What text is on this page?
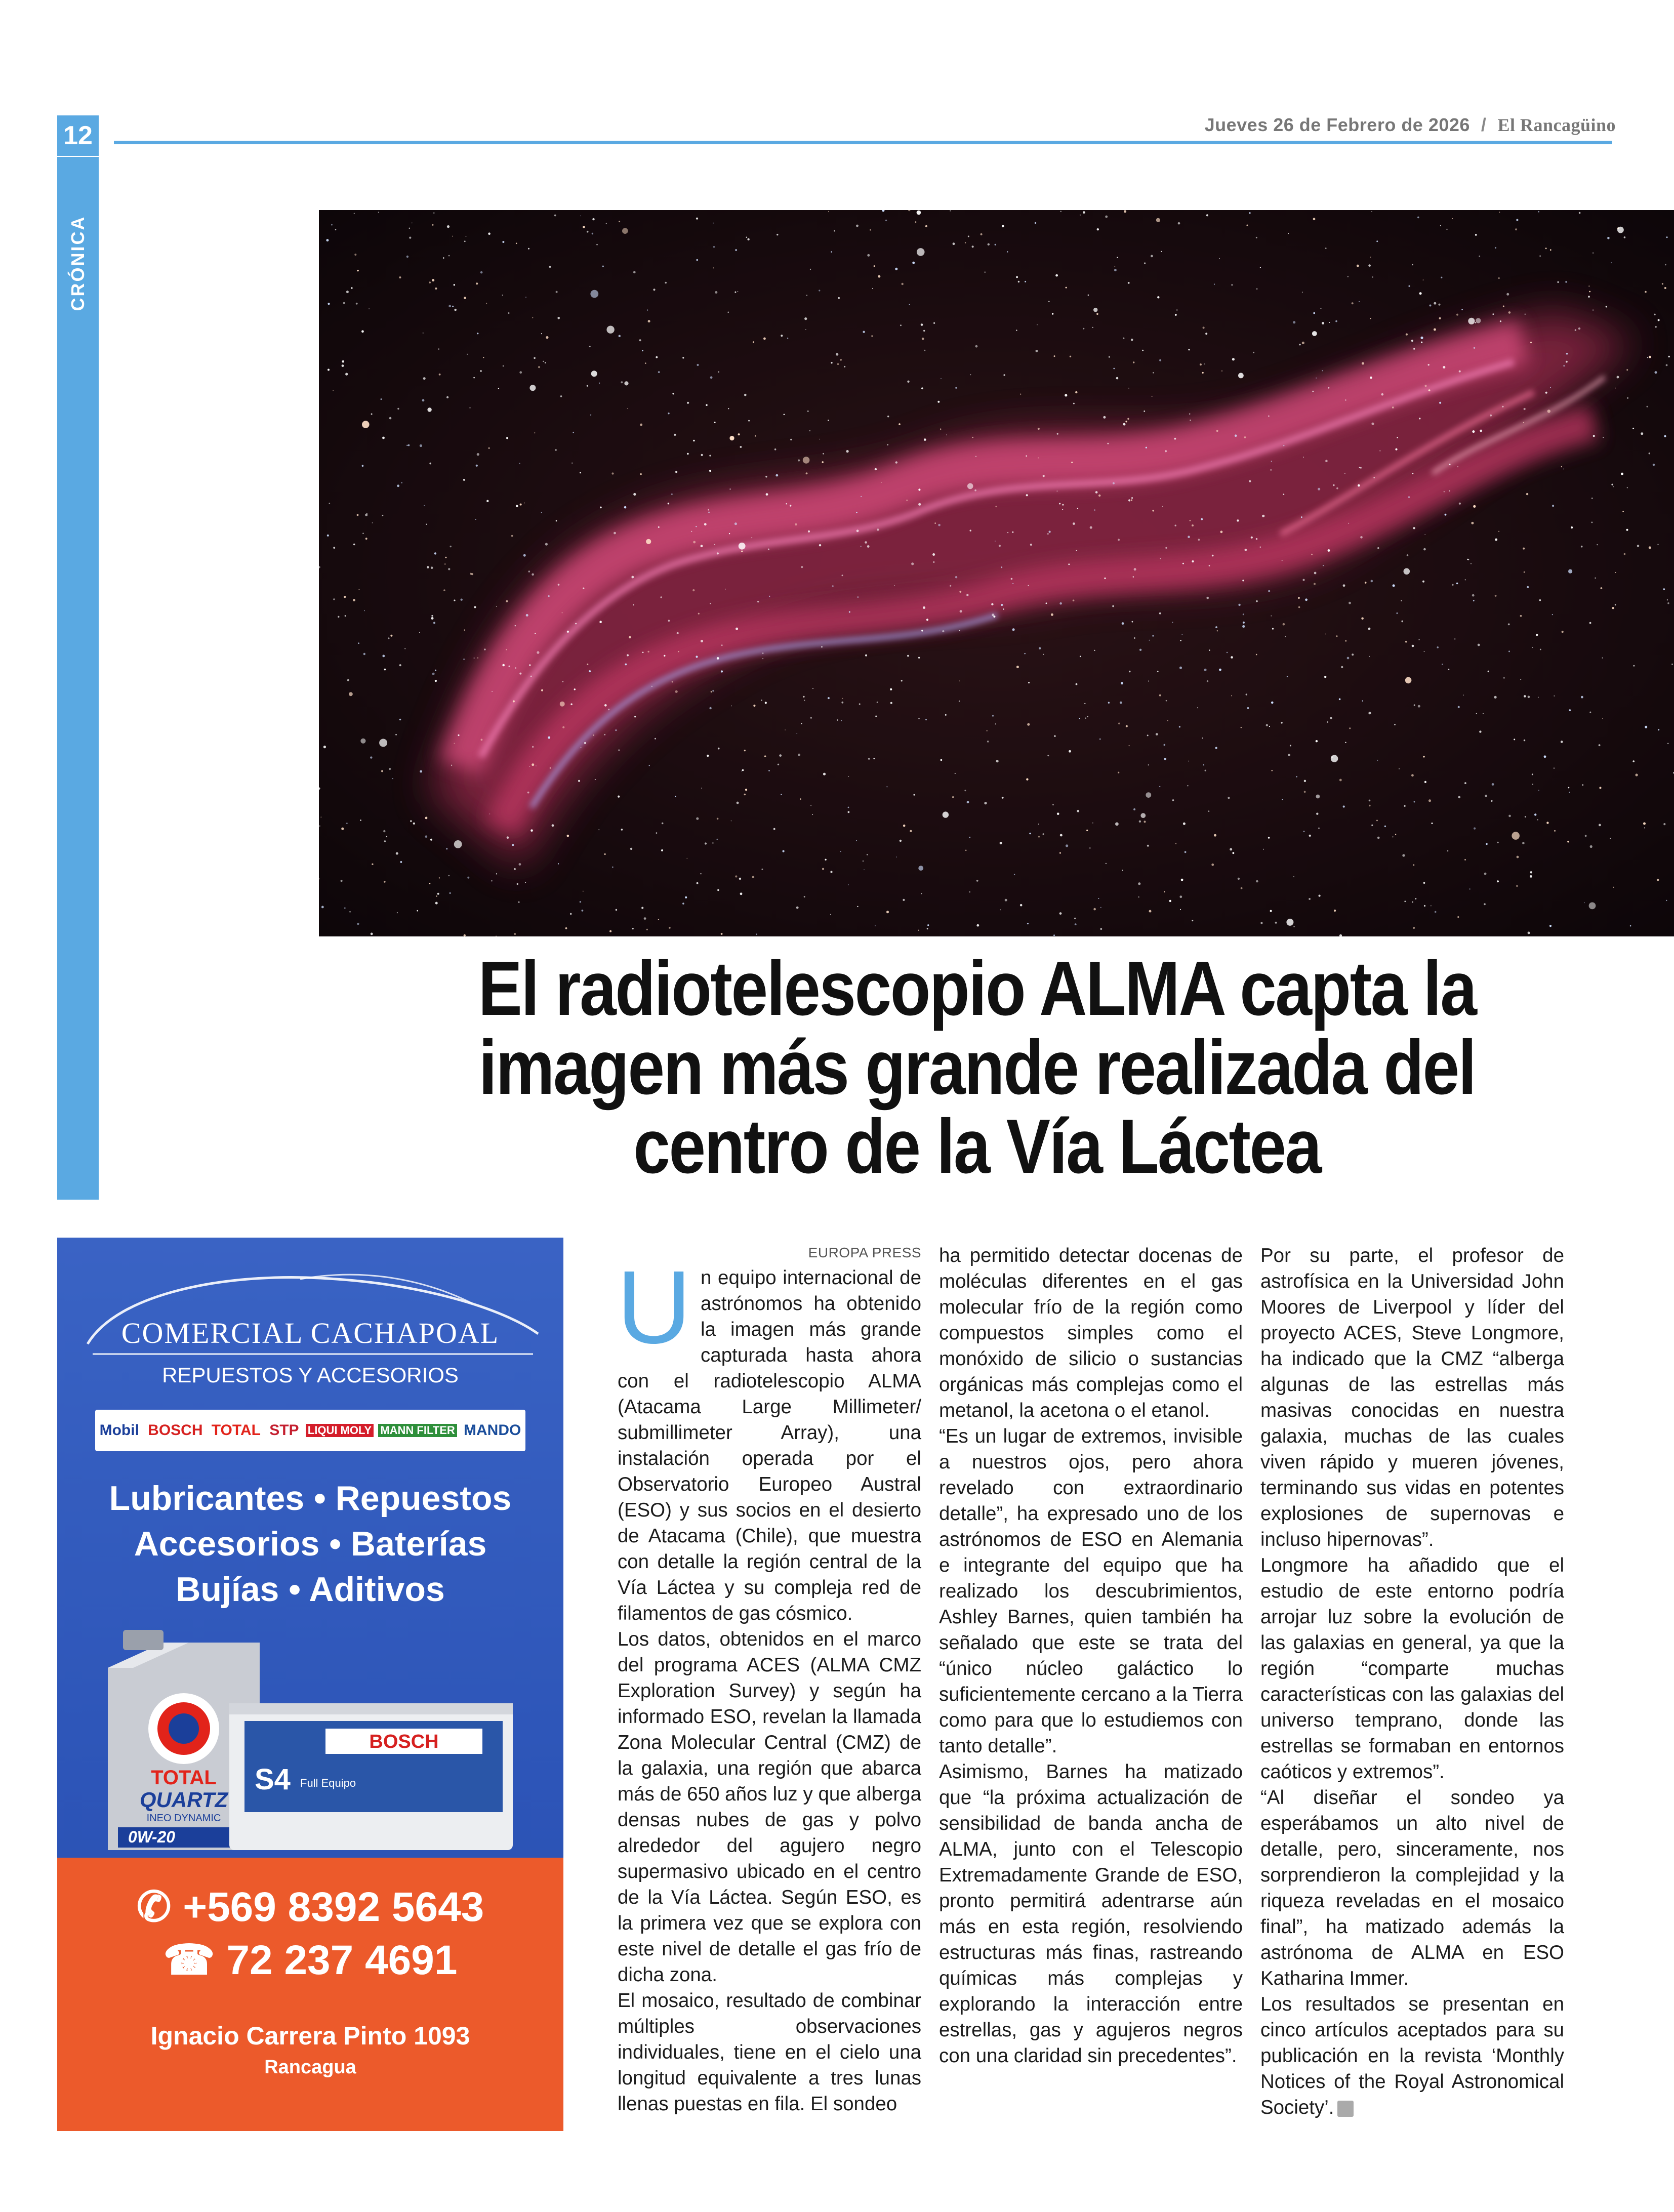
12	Jueves 26 de Febrero de 2026 / El Rancagüino
CRÓNICA
El radiotelescopio ALMA capta la
imagen más grande realizada del
centro de la Vía Láctea
COMERCIAL CACHAPOAL
REPUESTOS Y ACCESORIOS
Mobil BOSCH TOTAL STP LIQUI MOLY MANN FILTER MANDO
Lubricantes • Repuestos
Accesorios • Baterías
Bujías • Aditivos
TOTAL
QUARTZ
INEO DYNAMIC
0W-20
BOSCH
S4 Full Equipo
✆ +569 8392 5643
☎ 72 237 4691
Ignacio Carrera Pinto 1093
Rancagua
EUROPA PRESS

Un equipo internacional de astrónomos ha obtenido la imagen más grande capturada hasta ahora con el radiotelescopio ALMA (Atacama Large Millimeter/ submillimeter Array), una instalación operada por el Observatorio Europeo Austral (ESO) y sus socios en el desierto de Atacama (Chile), que muestra con detalle la región central de la Vía Láctea y su compleja red de filamentos de gas cósmico.

Los datos, obtenidos en el marco del programa ACES (ALMA CMZ Exploration Survey) y según ha informado ESO, revelan la llamada Zona Molecular Central (CMZ) de la galaxia, una región que abarca más de 650 años luz y que alberga densas nubes de gas y polvo alrededor del agujero negro supermasivo ubicado en el centro de la Vía Láctea. Según ESO, es la primera vez que se explora con este nivel de detalle el gas frío de dicha zona.

El mosaico, resultado de combinar múltiples observaciones individuales, tiene en el cielo una longitud equivalente a tres lunas llenas puestas en fila. El sondeo

ha permitido detectar docenas de moléculas diferentes en el gas molecular frío de la región como compuestos simples como el monóxido de silicio o sustancias orgánicas más complejas como el metanol, la acetona o el etanol.

“Es un lugar de extremos, invisible a nuestros ojos, pero ahora revelado con extraordinario detalle”, ha expresado uno de los astrónomos de ESO en Alemania e integrante del equipo que ha realizado los descubrimientos, Ashley Barnes, quien también ha señalado que este se trata del “único núcleo galáctico lo suficientemente cercano a la Tierra como para que lo estudiemos con tanto detalle”.

Asimismo, Barnes ha matizado que “la próxima actualización de sensibilidad de banda ancha de ALMA, junto con el Telescopio Extremadamente Grande de ESO, pronto permitirá adentrarse aún más en esta región, resolviendo estructuras más finas, rastreando químicas más complejas y explorando la interacción entre estrellas, gas y agujeros negros con una claridad sin precedentes”.

Por su parte, el profesor de astrofísica en la Universidad John Moores de Liverpool y líder del proyecto ACES, Steve Longmore, ha indicado que la CMZ “alberga algunas de las estrellas más masivas conocidas en nuestra galaxia, muchas de las cuales viven rápido y mueren jóvenes, terminando sus vidas en potentes explosiones de supernovas e incluso hipernovas”.

Longmore ha añadido que el estudio de este entorno podría arrojar luz sobre la evolución de las galaxias en general, ya que la región “comparte muchas características con las galaxias del universo temprano, donde las estrellas se formaban en entornos caóticos y extremos”.

“Al diseñar el sondeo ya esperábamos un alto nivel de detalle, pero, sinceramente, nos sorprendieron la complejidad y la riqueza reveladas en el mosaico final”, ha matizado además la astrónoma de ALMA en ESO Katharina Immer.

Los resultados se presentan en cinco artículos aceptados para su publicación en la revista ‘Monthly Notices of the Royal Astronomical Society’.
